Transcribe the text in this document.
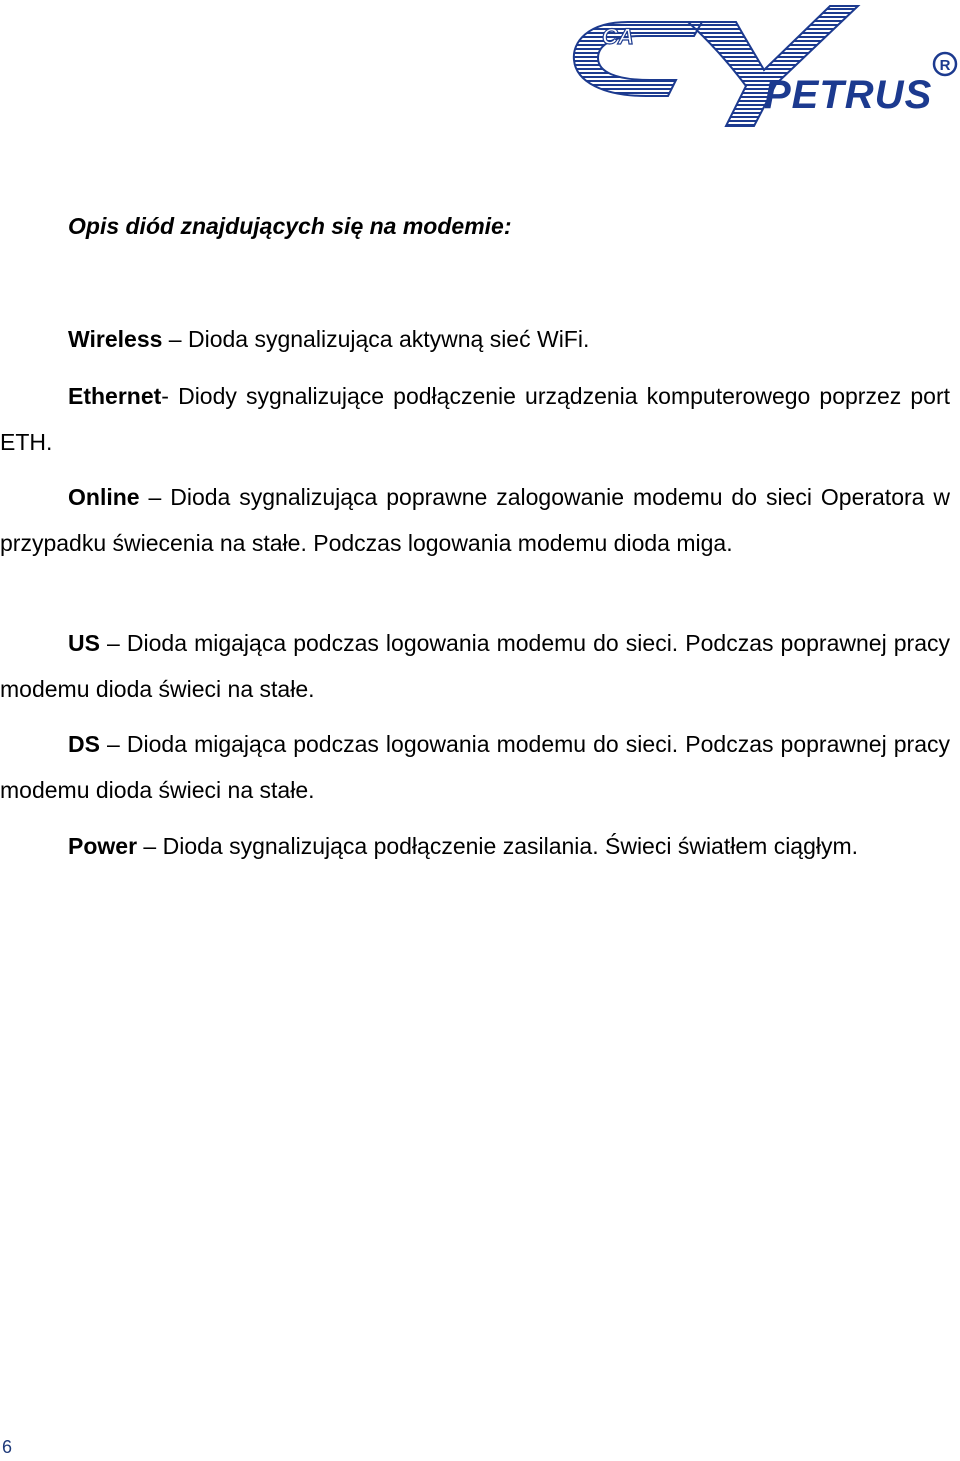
CA
PETRUS
R
Opis diód znajdujących się na modemie:

Wireless – Dioda sygnalizująca aktywną sieć WiFi.

Ethernet- Diody sygnalizujące podłączenie urządzenia komputerowego poprzez port ETH.

Online – Dioda sygnalizująca poprawne zalogowanie modemu do sieci Operatora w przypadku świecenia na stałe. Podczas logowania modemu dioda miga.

US – Dioda migająca podczas logowania modemu do sieci. Podczas poprawnej pracy modemu dioda świeci na stałe.

DS – Dioda migająca podczas logowania modemu do sieci. Podczas poprawnej pracy modemu dioda świeci na stałe.

Power – Dioda sygnalizująca podłączenie zasilania. Świeci światłem ciągłym.

6
